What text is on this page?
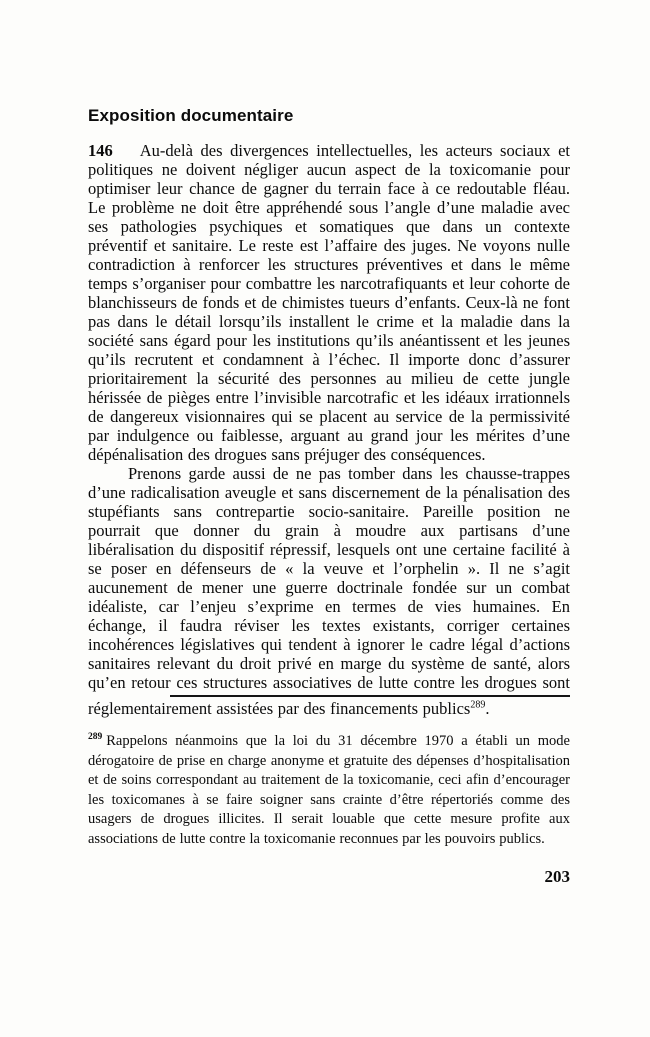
Exposition documentaire

146 Au-delà des divergences intellectuelles, les acteurs sociaux et politiques ne doivent négliger aucun aspect de la toxicomanie pour optimiser leur chance de gagner du terrain face à ce redoutable fléau. Le problème ne doit être appréhendé sous l’angle d’une maladie avec ses pathologies psychiques et somatiques que dans un contexte préventif et sanitaire. Le reste est l’affaire des juges. Ne voyons nulle contradiction à renforcer les structures préventives et dans le même temps s’organiser pour combattre les narcotrafiquants et leur cohorte de blanchisseurs de fonds et de chimistes tueurs d’enfants. Ceux-là ne font pas dans le détail lorsqu’ils installent le crime et la maladie dans la société sans égard pour les institutions qu’ils anéantissent et les jeunes qu’ils recrutent et condamnent à l’échec. Il importe donc d’assurer prioritairement la sécurité des personnes au milieu de cette jungle hérissée de pièges entre l’invisible narcotrafic et les idéaux irrationnels de dangereux visionnaires qui se placent au service de la permissivité par indulgence ou faiblesse, arguant au grand jour les mérites d’une dépénalisation des drogues sans préjuger des conséquences.

Prenons garde aussi de ne pas tomber dans les chausse-trappes d’une radicalisation aveugle et sans discernement de la pénalisation des stupéfiants sans contrepartie socio-sanitaire. Pareille position ne pourrait que donner du grain à moudre aux partisans d’une libéralisation du dispositif répressif, lesquels ont une certaine facilité à se poser en défenseurs de « la veuve et l’orphelin ». Il ne s’agit aucunement de mener une guerre doctrinale fondée sur un combat idéaliste, car l’enjeu s’exprime en termes de vies humaines. En échange, il faudra réviser les textes existants, corriger certaines incohérences législatives qui tendent à ignorer le cadre légal d’actions sanitaires relevant du droit privé en marge du système de santé, alors qu’en retour ces structures associatives de lutte contre les drogues sont

réglementairement assistées par des financements publics$^{289}$.

$^{289}$ Rappelons néanmoins que la loi du 31 décembre 1970 a établi un mode dérogatoire de prise en charge anonyme et gratuite des dépenses d’hospitalisation et de soins correspondant au traitement de la toxicomanie, ceci afin d’encourager les toxicomanes à se faire soigner sans crainte d’être répertoriés comme des usagers de drogues illicites. Il serait louable que cette mesure profite aux associations de lutte contre la toxicomanie reconnues par les pouvoirs publics.

203
